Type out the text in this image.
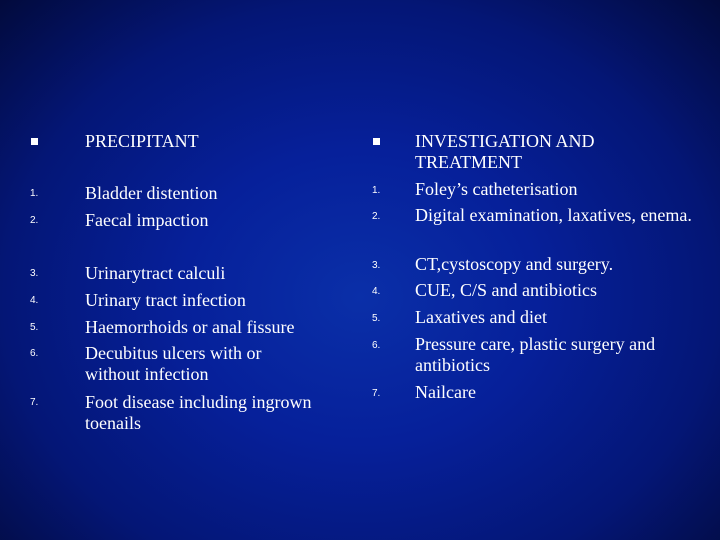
PRECIPITANT
1.	Bladder distention
2.	Faecal impaction
3.	Urinarytract calculi
4.	Urinary tract infection
5.	Haemorrhoids or anal fissure
6.	Decubitus ulcers with or without infection
7.	Foot disease including ingrown toenails
INVESTIGATION AND TREATMENT
1. Foley’s catheterisation
2. Digital examination, laxatives, enema.
3. CT,cystoscopy and surgery.
4. CUE, C/S and antibiotics
5. Laxatives and diet
6. Pressure care, plastic surgery and antibiotics
7. Nailcare
